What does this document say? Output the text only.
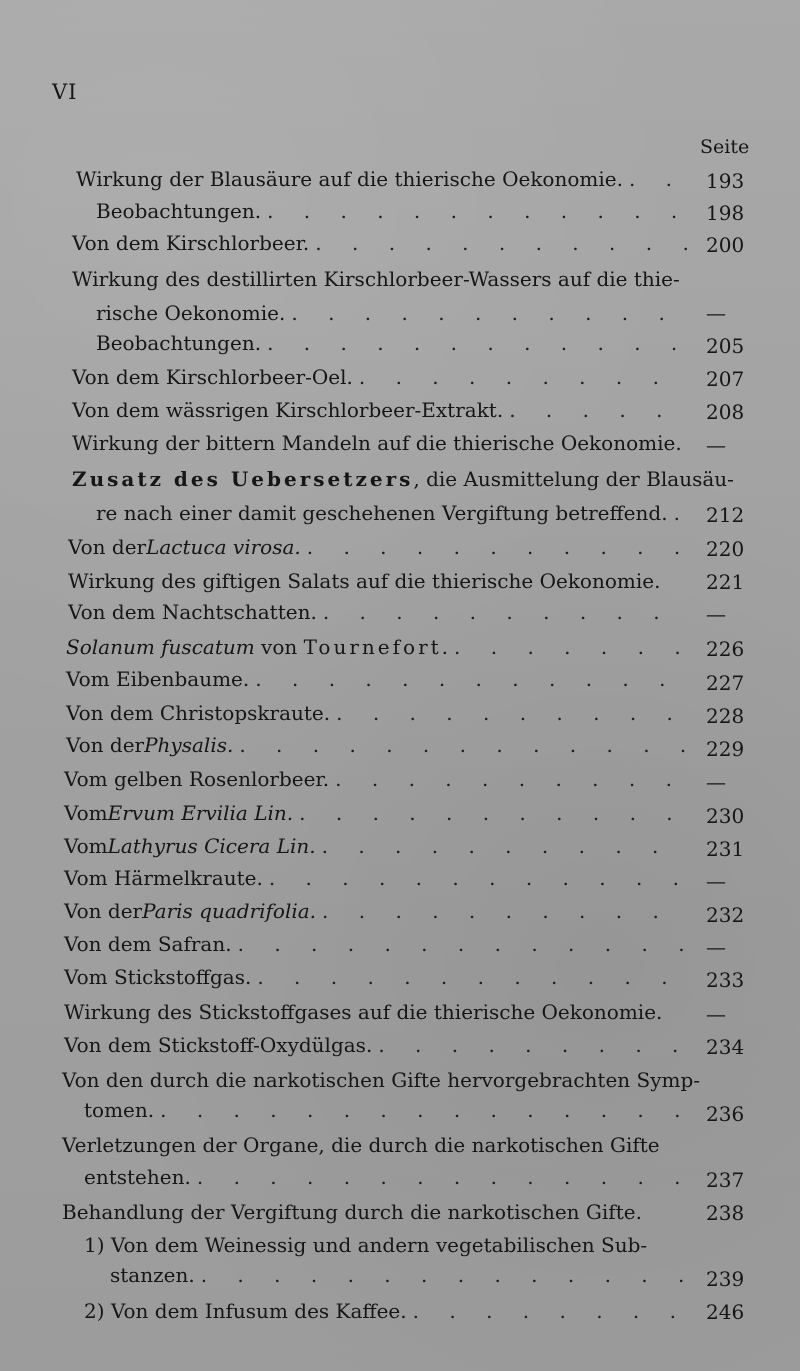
VI
Seite
Wirkung der Blausäure auf die thierische Oekonomie. . . .	193
Beobachtungen. . . .	198
Von dem Kirschlorbeer. . . .	200
Wirkung des destillirten Kirschlorbeer-Wassers auf die thie-
rische Oekonomie. . . .	—
Beobachtungen. . . .	205
Von dem Kirschlorbeer-Oel. . . .	207
Von dem wässrigen Kirschlorbeer-Extrakt. . . .	208
Wirkung der bittern Mandeln auf die thierische Oekonomie. —
Zusatz des Uebersetzers , die Ausmittelung der Blausäu-
re nach einer damit geschehenen Vergiftung betreffend. . . . 212
Von der Lactuca virosa. . . .	220
Wirkung des giftigen Salats auf die thierische Oekonomie. 221
Von dem Nachtschatten. . . .	—
Solanum fuscatum von Tournefort . . . .	226
Vom Eibenbaume. . . .	227
Von dem Christopskraute. . . .	228
Von der Physalis. . . .	229
Vom gelben Rosenlorbeer. . . .	—
Vom Ervum Ervilia Lin. . . .	230
Vom Lathyrus Cicera Lin. . . .	231
Vom Härmelkraute. . . .	—
Von der Paris quadrifolia. . . .	232
Von dem Safran. . . .	—
Vom Stickstoffgas. . . .	233
Wirkung des Stickstoffgases auf die thierische Oekonomie. —
Von dem Stickstoff-Oxydülgas. . . .	234
Von den durch die narkotischen Gifte hervorgebrachten Symp-
tomen. . . .	236
Verletzungen der Organe, die durch die narkotischen Gifte
entstehen. . . .	237
Behandlung der Vergiftung durch die narkotischen Gifte.	238
1) Von dem Weinessig und andern vegetabilischen Sub-
stanzen. . . .	239
2) Von dem Infusum des Kaffee. . . .	246
